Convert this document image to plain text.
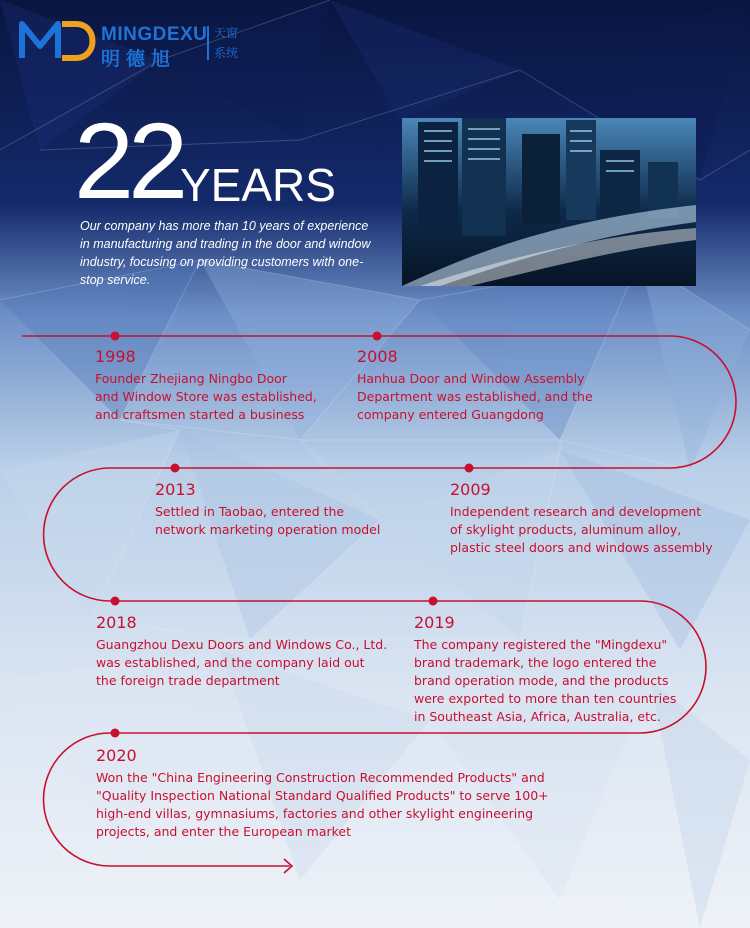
MINGDEXU
明德旭
天窗
系统
22
YEARS
Our company has more than 10 years of experience in manufacturing and trading in the door and window industry, focusing on providing customers with one-stop service.
1998
Founder Zhejiang Ningbo Door
and Window Store was established,
and craftsmen started a business
2008
Hanhua Door and Window Assembly
Department was established, and the
company entered Guangdong
2013
Settled in Taobao, entered the
network marketing operation model
2009
Independent research and development
of skylight products, aluminum alloy,
plastic steel doors and windows assembly
2018
Guangzhou Dexu Doors and Windows Co., Ltd.
was established, and the company laid out
the foreign trade department
2019
The company registered the "Mingdexu"
brand trademark, the logo entered the
brand operation mode, and the products
were exported to more than ten countries
in Southeast Asia, Africa, Australia, etc.
2020
Won the "China Engineering Construction Recommended Products" and
"Quality Inspection National Standard Qualified Products" to serve 100+
high-end villas, gymnasiums, factories and other skylight engineering
projects, and enter the European market
